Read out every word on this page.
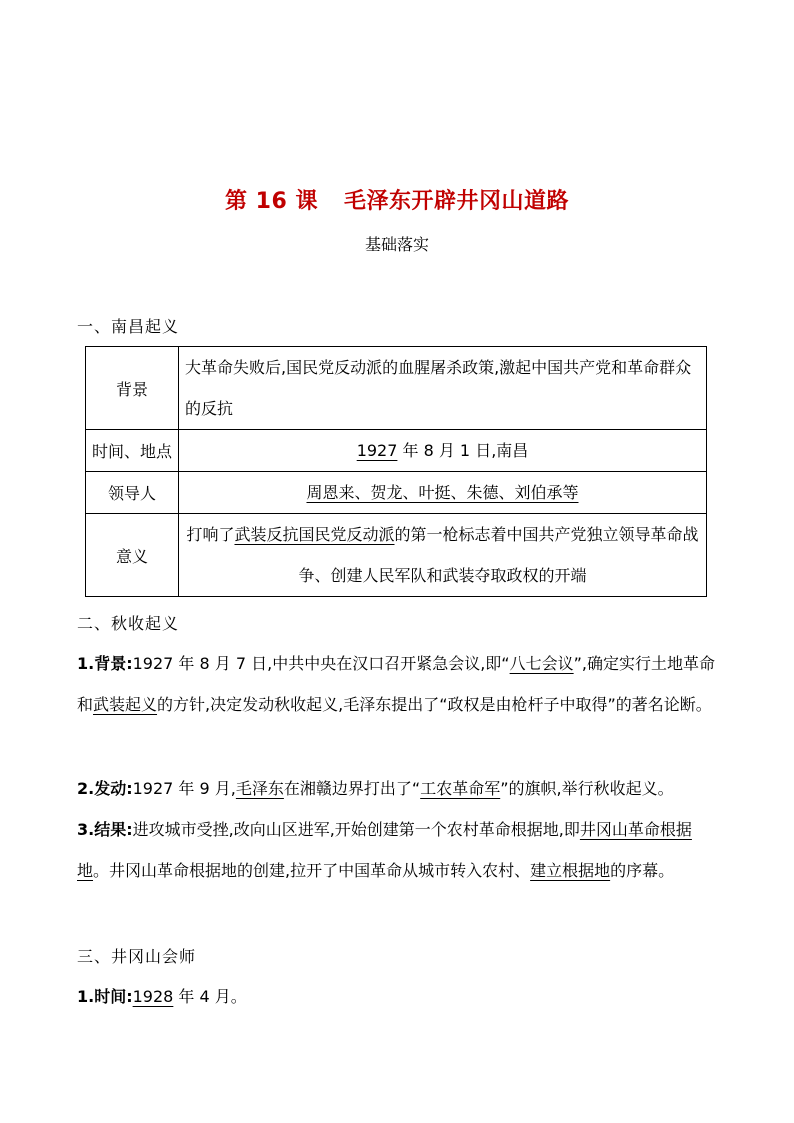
第 16 课 毛泽东开辟井冈山道路
基础落实
一、南昌起义
背景	大革命失败后,国民党反动派的血腥屠杀政策,激起中国共产党和革命群众的反抗
时间、地点	1927 年 8 月 1 日,南昌
领导人	周恩来、贺龙、叶挺、朱德、刘伯承等
意义	打响了武装反抗国民党反动派的第一枪标志着中国共产党独立领导革命战争、创建人民军队和武装夺取政权的开端
二、秋收起义
1.背景:1927 年 8 月 7 日,中共中央在汉口召开紧急会议,即“八七会议”,确定实行土地革命和武装起义的方针,决定发动秋收起义,毛泽东提出了“政权是由枪杆子中取得”的著名论断。
2.发动:1927 年 9 月,毛泽东在湘赣边界打出了“工农革命军”的旗帜,举行秋收起义。
3.结果:进攻城市受挫,改向山区进军,开始创建第一个农村革命根据地,即井冈山革命根据地。井冈山革命根据地的创建,拉开了中国革命从城市转入农村、建立根据地的序幕。
三、井冈山会师
1.时间:1928 年 4 月。
